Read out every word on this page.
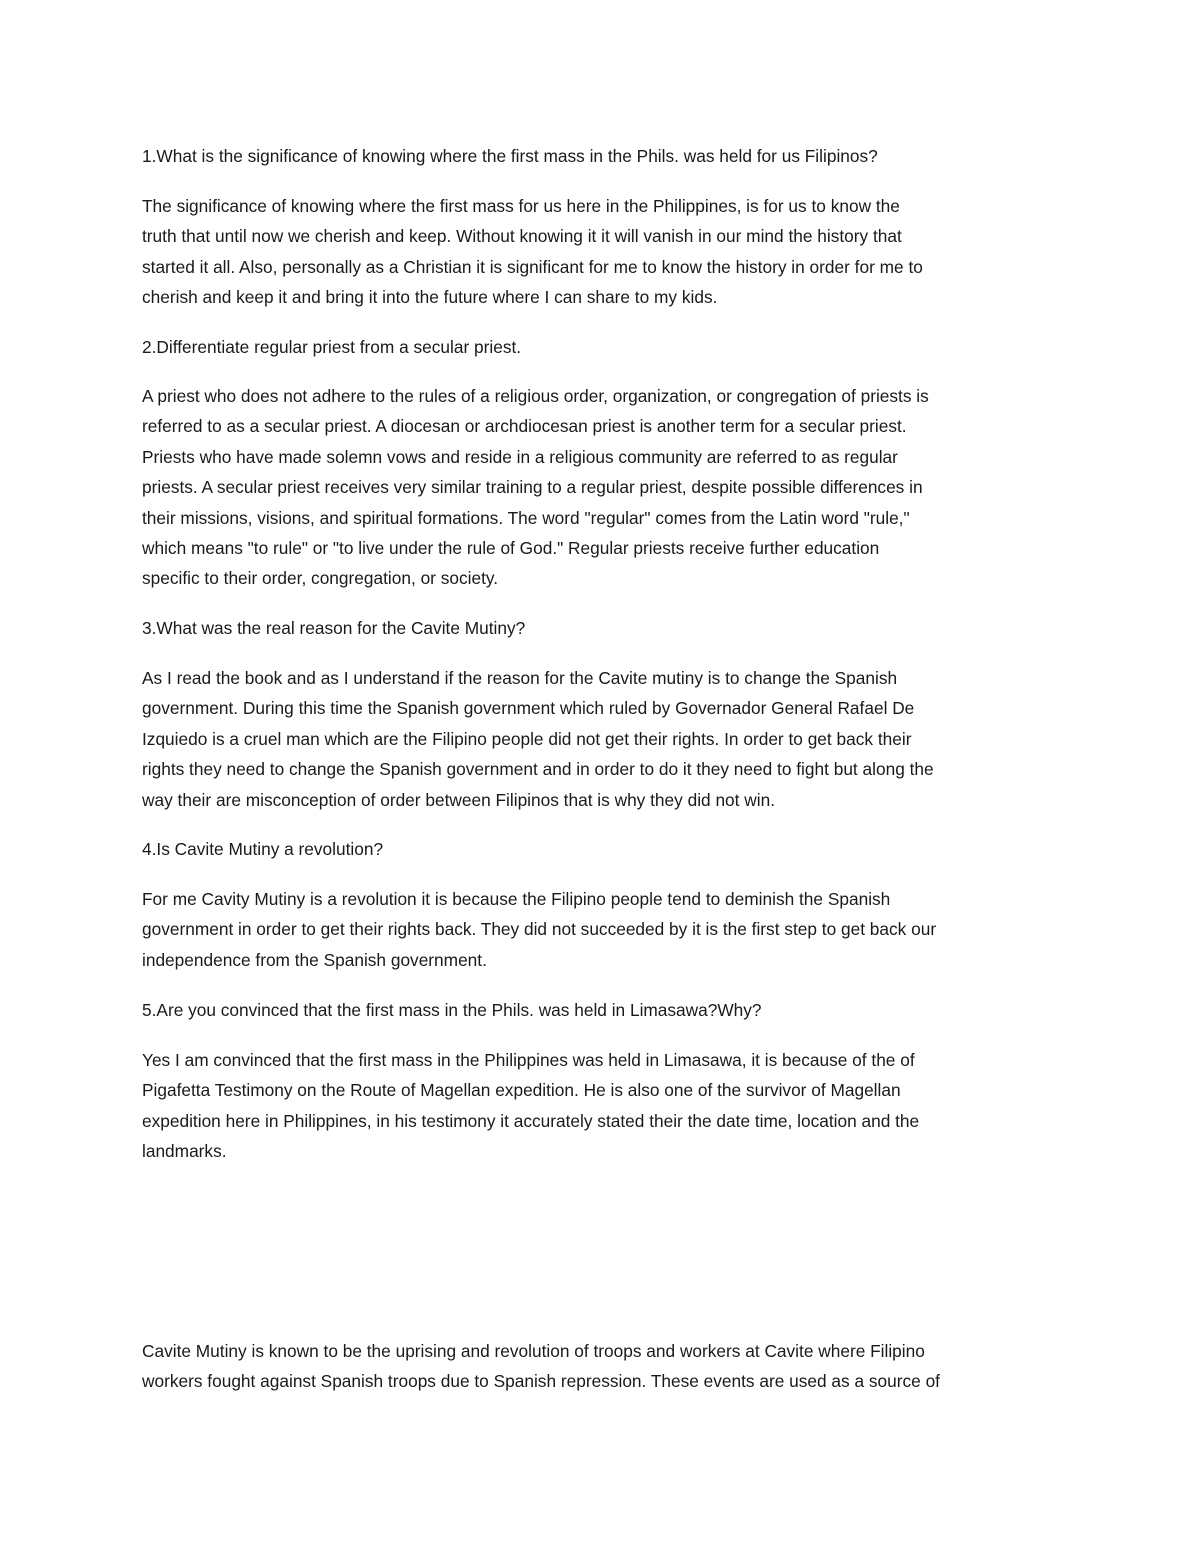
1.What is the significance of knowing where the first mass in the Phils. was held for us Filipinos?
The significance of knowing where the first mass for us here in the Philippines, is for us to know the
truth that until now we cherish and keep. Without knowing it it will vanish in our mind the history that
started it all. Also, personally as a Christian it is significant for me to know the history in order for me to
cherish and keep it and bring it into the future where I can share to my kids.
2.Differentiate regular priest from a secular priest.
A priest who does not adhere to the rules of a religious order, organization, or congregation of priests is
referred to as a secular priest. A diocesan or archdiocesan priest is another term for a secular priest.
Priests who have made solemn vows and reside in a religious community are referred to as regular
priests. A secular priest receives very similar training to a regular priest, despite possible differences in
their missions, visions, and spiritual formations. The word "regular" comes from the Latin word "rule,"
which means "to rule" or "to live under the rule of God." Regular priests receive further education
specific to their order, congregation, or society.
3.What was the real reason for the Cavite Mutiny?
As I read the book and as I understand if the reason for the Cavite mutiny is to change the Spanish
government. During this time the Spanish government which ruled by Governador General Rafael De
Izquiedo is a cruel man which are the Filipino people did not get their rights. In order to get back their
rights they need to change the Spanish government and in order to do it they need to fight but along the
way their are misconception of order between Filipinos that is why they did not win.
4.Is Cavite Mutiny a revolution?
For me Cavity Mutiny is a revolution it is because the Filipino people tend to deminish the Spanish
government in order to get their rights back. They did not succeeded by it is the first step to get back our
independence from the Spanish government.
5.Are you convinced that the first mass in the Phils. was held in Limasawa?Why?
Yes I am convinced that the first mass in the Philippines was held in Limasawa, it is because of the of
Pigafetta Testimony on the Route of Magellan expedition. He is also one of the survivor of Magellan
expedition here in Philippines, in his testimony it accurately stated their the date time, location and the
landmarks.
Cavite Mutiny is known to be the uprising and revolution of troops and workers at Cavite where Filipino
workers fought against Spanish troops due to Spanish repression. These events are used as a source of
